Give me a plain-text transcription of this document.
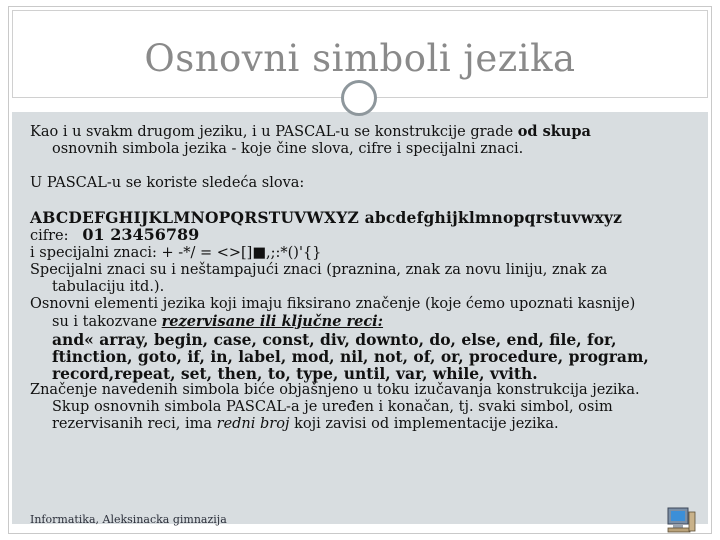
Osnovni simboli jezika

Kao i u svakm drugom jeziku, i u PASCAL-u se konstrukcije grade od skupa

osnovnih simbola jezika - koje čine slova, cifre i specijalni znaci.

U PASCAL-u se koriste sledeća slova:

ABCDEFGHIJKLMNOPQRSTUVWXYZ abcdefghijklmnopqrstuvwxyz

cifre: 01 23456789

i specijalni znaci: + -*/ = <>[]■,;:*()'{}

Specijalni znaci su i neštampajući znaci (praznina, znak za novu liniju, znak za

tabulaciju itd.).

Osnovni elementi jezika koji imaju fiksirano značenje (koje ćemo upoznati kasnije)

su i takozvane rezervisane ili ključne reci:

and« array, begin, case, const, div, downto, do, else, end, file, for,

ftinction, goto, if, in, label, mod, nil, not, of, or, procedure, program,

record,repeat, set, then, to, type, until, var, while, vvith.

Značenje navedenih simbola biće objašnjeno u toku izučavanja konstrukcija jezika.

Skup osnovnih simbola PASCAL-a je uređen i konačan, tj. svaki simbol, osim

rezervisanih reci, ima redni broj koji zavisi od implementacije jezika.

Informatika, Aleksinacka gimnazija
